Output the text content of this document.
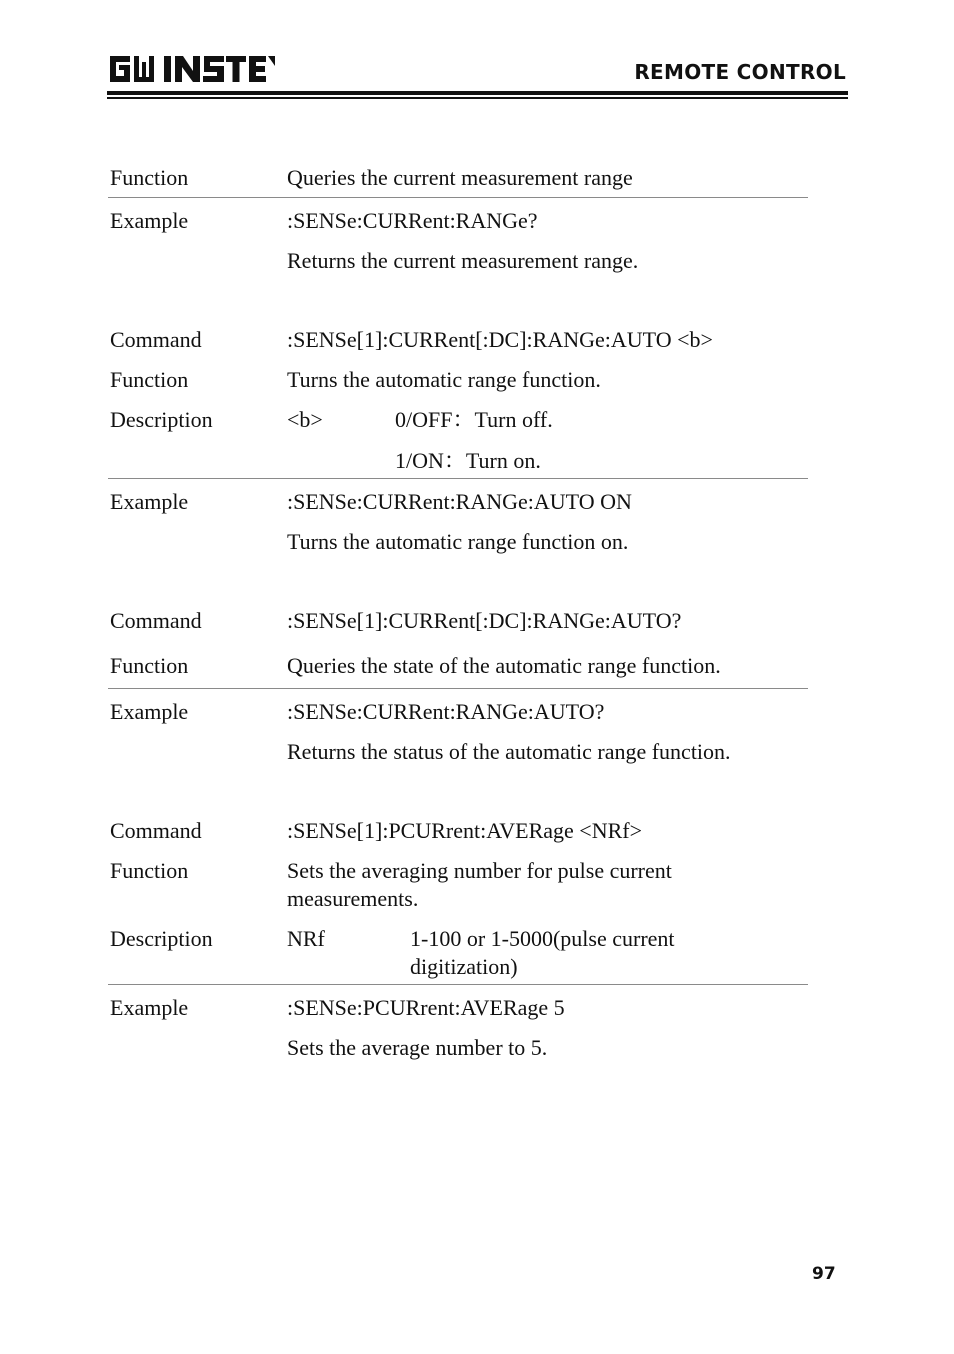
GW INSTEK
REMOTE CONTROL
Function	Queries the current measurement range
Example	:SENSe:CURRent:RANGe?
Returns the current measurement range.
Command	:SENSe[1]:CURRent[:DC]:RANGe:AUTO <b>
Function	Turns the automatic range function.
Description	<b>	0/OFF：Turn off.
1/ON：Turn on.
Example	:SENSe:CURRent:RANGe:AUTO ON
Turns the automatic range function on.
Command	:SENSe[1]:CURRent[:DC]:RANGe:AUTO?
Function	Queries the state of the automatic range function.
Example	:SENSe:CURRent:RANGe:AUTO?
Returns the status of the automatic range function.
Command	:SENSe[1]:PCURrent:AVERage <NRf>
Function	Sets the averaging number for pulse current
measurements.
Description	NRf	1-100 or 1-5000(pulse current
digitization)
Example	:SENSe:PCURrent:AVERage 5
Sets the average number to 5.
97
